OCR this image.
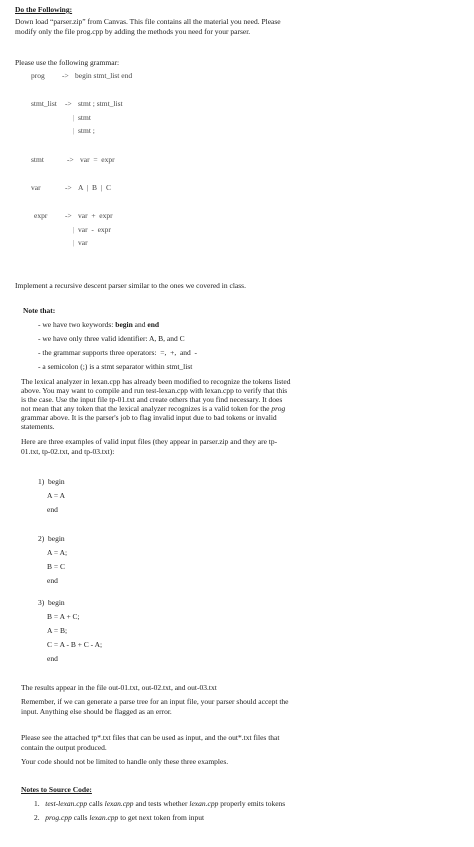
Do the Following:
Down load “parser.zip” from Canvas. This file contains all the material you need. Please
modify only the file prog.cpp by adding the methods you need for your parser.
Please use the following grammar:
prog -> begin stmt_list end
stmt_list -> stmt ; stmt_list
| stmt
| stmt ;
stmt	-> var  =  expr
var	-> A  |  B  |  C
expr -> var  +  expr
| var  -  expr
| var
Implement a recursive descent parser similar to the ones we covered in class.
Note that:
- we have two keywords: begin and end
- we have only three valid identifier: A, B, and C
- the grammar supports three operators:  =,  +,  and  -
- a semicolon (;) is a stmt separator within stmt_list
The lexical analyzer in lexan.cpp has already been modified to recognize the tokens listed
above. You may want to compile and run test-lexan.cpp with lexan.cpp to verify that this
is the case. Use the input file tp-01.txt and create others that you find necessary. It does
not mean that any token that the lexical analyzer recognizes is a valid token for the prog
grammar above. It is the parser's job to flag invalid input due to bad tokens or invalid
statements.
Here are three examples of valid input files (they appear in parser.zip and they are tp-
01.txt, tp-02.txt, and tp-03.txt):
1)  begin
A = A
end
2)  begin
A = A;
B = C
end
3)  begin
B = A + C;
A = B;
C = A - B + C - A;
end
The results appear in the file out-01.txt, out-02.txt, and out-03.txt
Remember, if we can generate a parse tree for an input file, your parser should accept the
input. Anything else should be flagged as an error.
Please see the attached tp*.txt files that can be used as input, and the out*.txt files that
contain the output produced.
Your code should not be limited to handle only these three examples.
Notes to Source Code:
1. test-lexan.cpp calls lexan.cpp and tests whether lexan.cpp properly emits tokens
2. prog.cpp calls lexan.cpp to get next token from input
